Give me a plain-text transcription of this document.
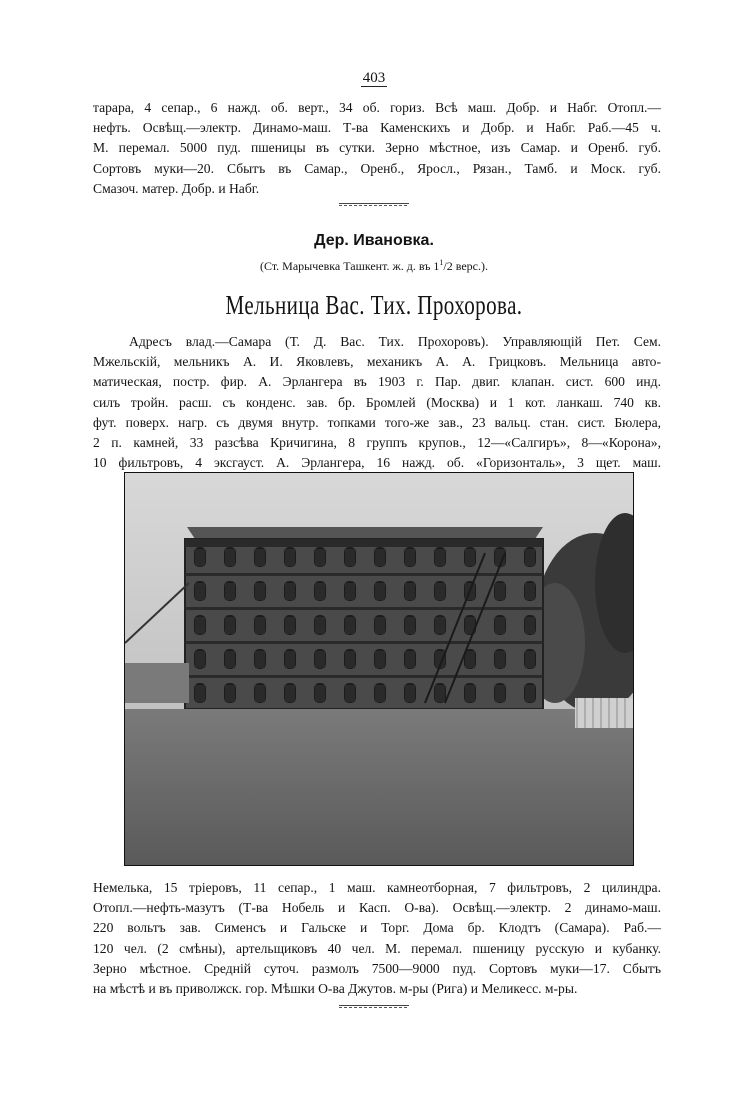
403
тарара, 4 сепар., 6 нажд. об. верт., 34 об. гориз. Всѣ маш. Добр. и Набг. Отопл.—
нефть. Освѣщ.—электр. Динамо-маш. Т-ва Каменскихъ и Добр. и Набг. Раб.—45 ч.
М. перемал. 5000 пуд. пшеницы въ сутки. Зерно мѣстное, изъ Самар. и Оренб. губ.
Сортовъ муки—20. Сбытъ въ Самар., Оренб., Яросл., Рязан., Тамб. и Моск. губ.
Смазоч. матер. Добр. и Набг.
Дер. Ивановка.
(Ст. Марычевка Ташкент. ж. д. въ $1^1/2$ верс.).
Мельница Вас. Тих. Прохорова.
Адресъ влад.—Самара (Т. Д. Вас. Тих. Прохоровъ). Управляющій Пет. Сем.
Мжельскій, мельникъ А. И. Яковлевъ, механикъ А. А. Грицковъ. Мельница авто-
матическая, постр. фир. А. Эрлангера въ 1903 г. Пар. двиг. клапан. сист. 600 инд.
силъ тройн. расш. съ конденс. зав. бр. Бромлей (Москва) и 1 кот. ланкаш. 740 кв.
фут. поверх. нагр. съ двумя внутр. топками того-же зав., 23 вальц. стан. сист. Бюлера,
2 п. камней, 33 разсѣва Кричигина, 8 группъ крупов., 12—«Салгиръ», 8—«Корона»,
10 фильтровъ, 4 эксгауст. А. Эрлангера, 16 нажд. об. «Горизонталь», 3 щет. маш.
Немелька, 15 тріеровъ, 11 сепар., 1 маш. камнеотборная, 7 фильтровъ, 2 цилиндра.
Отопл.—нефть-мазутъ (Т-ва Нобель и Касп. О-ва). Освѣщ.—электр. 2 динамо-маш.
220 вольтъ зав. Сименсъ и Гальске и Торг. Дома бр. Клодтъ (Самара). Раб.—
120 чел. (2 смѣны), артельщиковъ 40 чел. М. перемал. пшеницу русскую и кубанку.
Зерно мѣстное. Средній суточ. размолъ 7500—9000 пуд. Сортовъ муки—17. Сбытъ
на мѣстѣ и въ приволжск. гор. Мѣшки О-ва Джутов. м-ры (Рига) и Меликесс. м-ры.
